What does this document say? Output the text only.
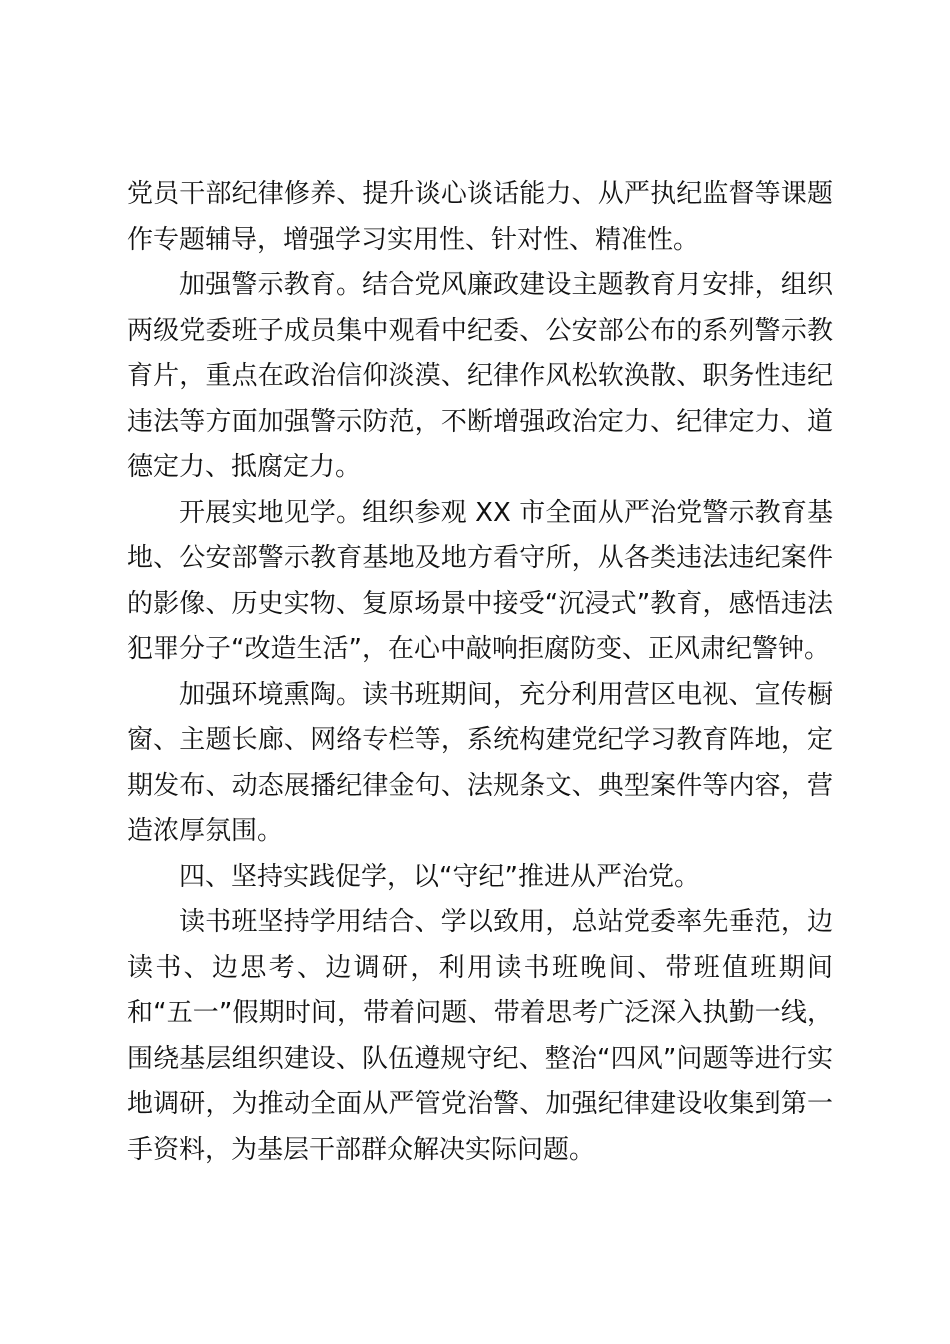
党员干部纪律修养、提升谈心谈话能力、从严执纪监督等课题作专题辅导，增强学习实用性、针对性、精准性。

加强警示教育。结合党风廉政建设主题教育月安排，组织两级党委班子成员集中观看中纪委、公安部公布的系列警示教育片，重点在政治信仰淡漠、纪律作风松软涣散、职务性违纪违法等方面加强警示防范，不断增强政治定力、纪律定力、道德定力、抵腐定力。

开展实地见学。组织参观 XX 市全面从严治党警示教育基地、公安部警示教育基地及地方看守所，从各类违法违纪案件的影像、历史实物、复原场景中接受“沉浸式”教育，感悟违法犯罪分子“改造生活”，在心中敲响拒腐防变、正风肃纪警钟。

加强环境熏陶。读书班期间，充分利用营区电视、宣传橱窗、主题长廊、网络专栏等，系统构建党纪学习教育阵地，定期发布、动态展播纪律金句、法规条文、典型案件等内容，营造浓厚氛围。

四、坚持实践促学，以“守纪”推进从严治党。

读书班坚持学用结合、学以致用，总站党委率先垂范，边读书、边思考、边调研，利用读书班晚间、带班值班期间和“五一”假期时间，带着问题、带着思考广泛深入执勤一线，围绕基层组织建设、队伍遵规守纪、整治“四风”问题等进行实地调研，为推动全面从严管党治警、加强纪律建设收集到第一手资料，为基层干部群众解决实际问题。
